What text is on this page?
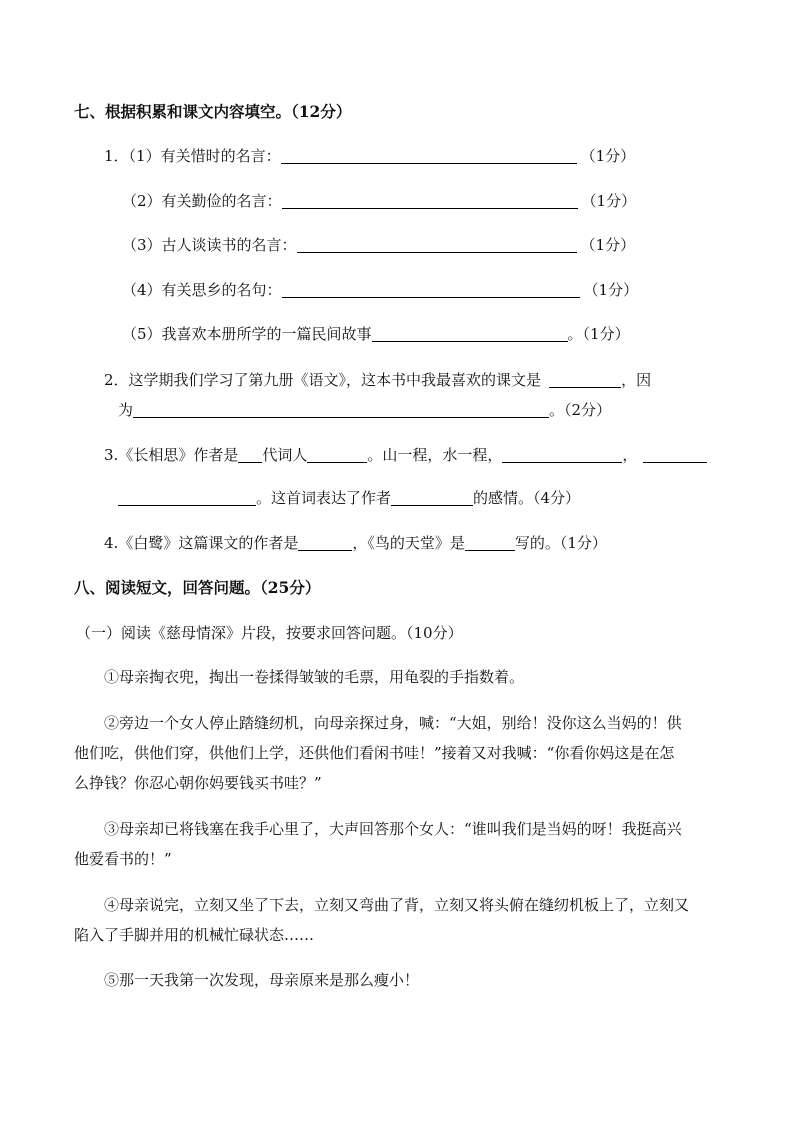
七、根据积累和课文内容填空。（12分）
1．（1）有关惜时的名言：	（1分）
（2）有关勤俭的名言：	（1分）
（3）古人谈读书的名言：	（1分）
（4）有关思乡的名句：	（1分）
（5）我喜欢本册所学的一篇民间故事	。（1分）
2．这学期我们学习了第九册《语文》，这本书中我最喜欢的课文是	，因
为	。（2分）
3.《长相思》作者是 代词人	。山一程，水一程，	，
。这首词表达了作者	的感情。（4分）
4.《白鹭》这篇课文的作者是	，《鸟的天堂》是	写的。（1分）
八、阅读短文，回答问题。（25分）
（一）阅读《慈母情深》片段，按要求回答问题。（10分）
①母亲掏衣兜，掏出一卷揉得皱皱的毛票，用龟裂的手指数着。
②旁边一个女人停止踏缝纫机，向母亲探过身，喊：“大姐，别给！没你这么当妈的！供
他们吃，供他们穿，供他们上学，还供他们看闲书哇！”接着又对我喊：“你看你妈这是在怎
么挣钱？你忍心朝你妈要钱买书哇？”
③母亲却已将钱塞在我手心里了，大声回答那个女人：“谁叫我们是当妈的呀！我挺高兴
他爱看书的！”
④母亲说完，立刻又坐了下去，立刻又弯曲了背，立刻又将头俯在缝纫机板上了，立刻又
陷入了手脚并用的机械忙碌状态……
⑤那一天我第一次发现，母亲原来是那么瘦小！
